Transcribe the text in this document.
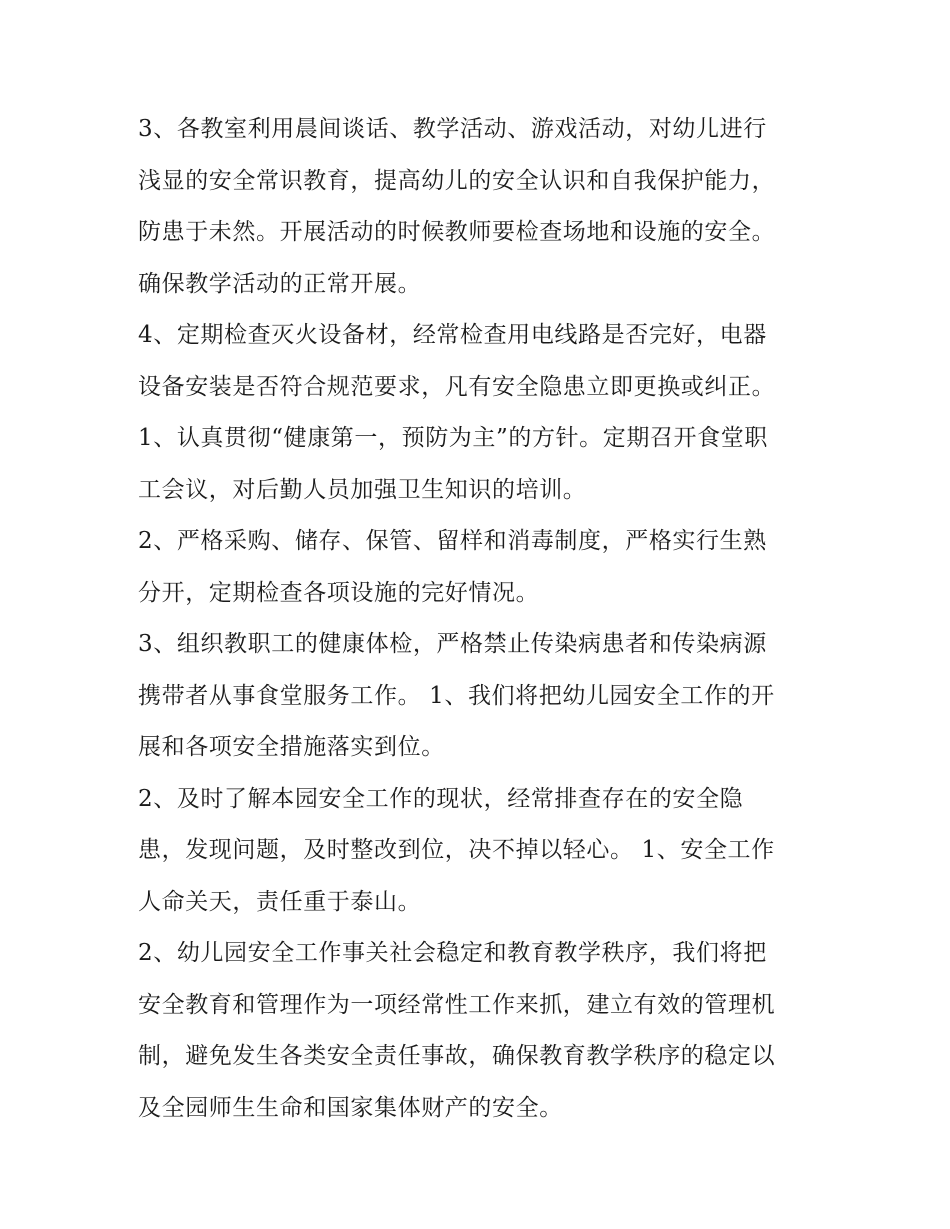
3、各教室利用晨间谈话、教学活动、游戏活动，对幼儿进行
浅显的安全常识教育，提高幼儿的安全认识和自我保护能力，
防患于未然。开展活动的时候教师要检查场地和设施的安全。
确保教学活动的正常开展。
4、定期检查灭火设备材，经常检查用电线路是否完好，电器
设备安装是否符合规范要求，凡有安全隐患立即更换或纠正。
1、认真贯彻“健康第一，预防为主”的方针。定期召开食堂职
工会议，对后勤人员加强卫生知识的培训。
2、严格采购、储存、保管、留样和消毒制度，严格实行生熟
分开，定期检查各项设施的完好情况。
3、组织教职工的健康体检，严格禁止传染病患者和传染病源
携带者从事食堂服务工作。 1、我们将把幼儿园安全工作的开
展和各项安全措施落实到位。
2、及时了解本园安全工作的现状，经常排查存在的安全隐
患，发现问题，及时整改到位，决不掉以轻心。 1、安全工作
人命关天，责任重于泰山。
2、幼儿园安全工作事关社会稳定和教育教学秩序，我们将把
安全教育和管理作为一项经常性工作来抓，建立有效的管理机
制，避免发生各类安全责任事故，确保教育教学秩序的稳定以
及全园师生生命和国家集体财产的安全。
